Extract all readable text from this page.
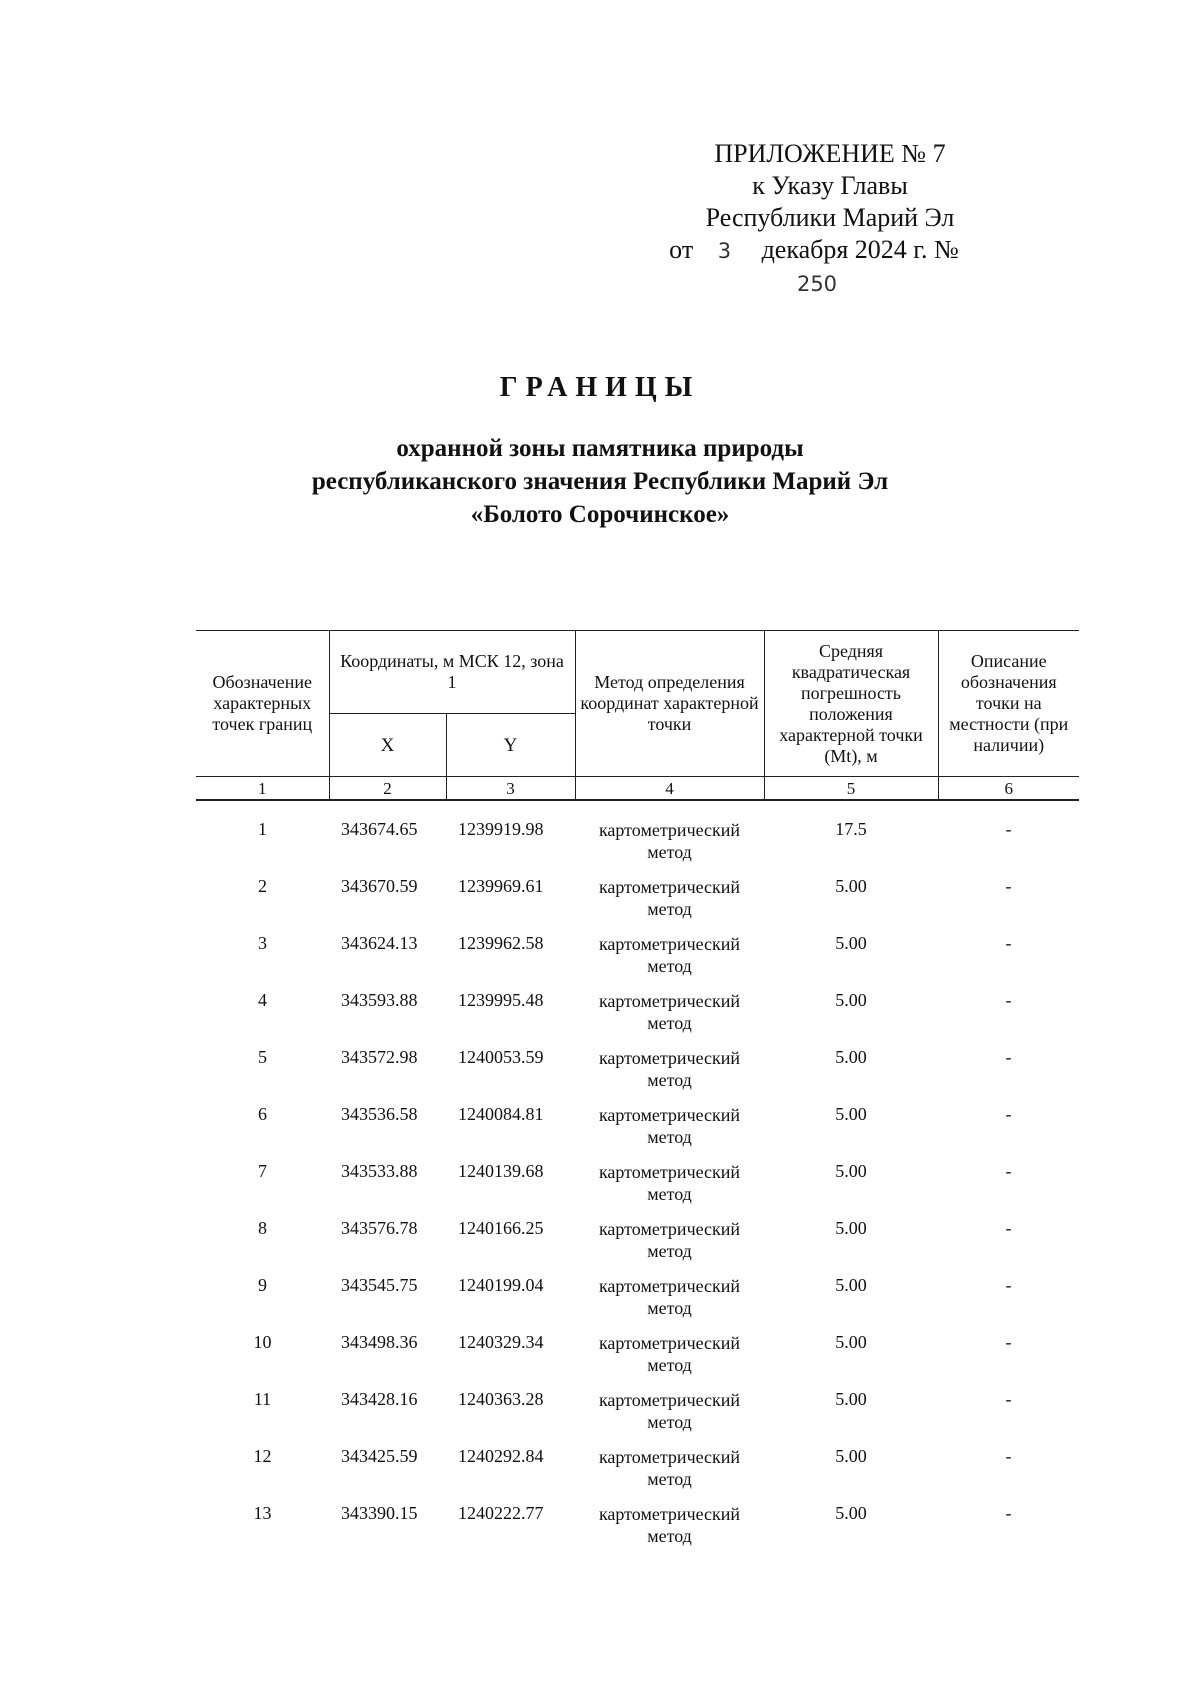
ПРИЛОЖЕНИЕ № 7
к Указу Главы
Республики Марий Эл
от 3 декабря 2024 г. № 250
ГРАНИЦЫ
охранной зоны памятника природы
республиканского значения Республики Марий Эл
«Болото Сорочинское»
Обозначение характерных точек границ	Координаты, м МСК 12, зона 1		Метод определения координат характерной точки	Средняя квадратическая погрешность положения характерной точки (Mt), м	Описание обозначения точки на местности (при наличии)
	X	Y			
1	2	3	4	5	6
1	343674.65	1239919.98	картометрический метод	17.5	-
2	343670.59	1239969.61	картометрический метод	5.00	-
3	343624.13	1239962.58	картометрический метод	5.00	-
4	343593.88	1239995.48	картометрический метод	5.00	-
5	343572.98	1240053.59	картометрический метод	5.00	-
6	343536.58	1240084.81	картометрический метод	5.00	-
7	343533.88	1240139.68	картометрический метод	5.00	-
8	343576.78	1240166.25	картометрический метод	5.00	-
9	343545.75	1240199.04	картометрический метод	5.00	-
10	343498.36	1240329.34	картометрический метод	5.00	-
11	343428.16	1240363.28	картометрический метод	5.00	-
12	343425.59	1240292.84	картометрический метод	5.00	-
13	343390.15	1240222.77	картометрический метод	5.00	-
